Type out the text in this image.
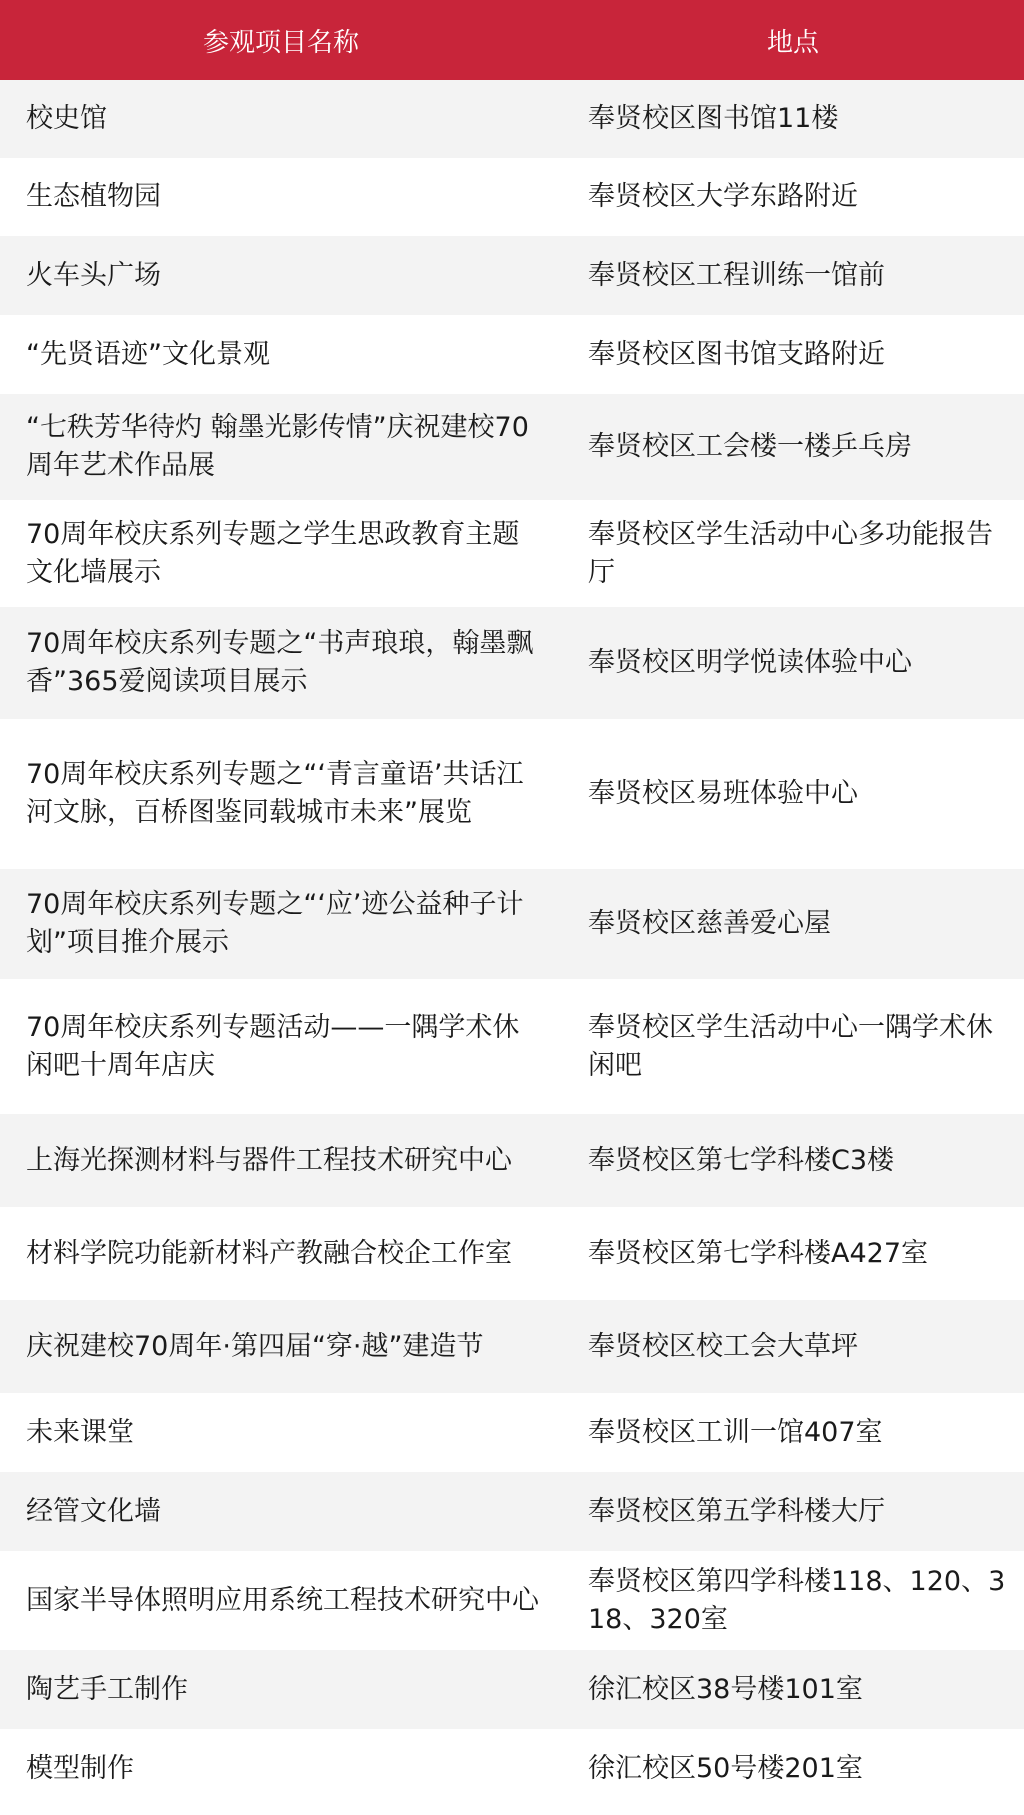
参观项目名称	地点
校史馆	奉贤校区图书馆11楼
生态植物园	奉贤校区大学东路附近
火车头广场	奉贤校区工程训练一馆前
“先贤语迹”文化景观	奉贤校区图书馆支路附近
“七秩芳华待灼 翰墨光影传情”庆祝建校70周年艺术作品展	奉贤校区工会楼一楼乒乓房
70周年校庆系列专题之学生思政教育主题文化墙展示	奉贤校区学生活动中心多功能报告厅
70周年校庆系列专题之“书声琅琅，翰墨飘香”365爱阅读项目展示	奉贤校区明学悦读体验中心
70周年校庆系列专题之“‘青言童语’共话江河文脉，百桥图鉴同载城市未来”展览	奉贤校区易班体验中心
70周年校庆系列专题之“‘应’迹公益种子计划”项目推介展示	奉贤校区慈善爱心屋
70周年校庆系列专题活动——一隅学术休闲吧十周年店庆	奉贤校区学生活动中心一隅学术休闲吧
上海光探测材料与器件工程技术研究中心	奉贤校区第七学科楼C3楼
材料学院功能新材料产教融合校企工作室	奉贤校区第七学科楼A427室
庆祝建校70周年·第四届“穿·越”建造节	奉贤校区校工会大草坪
未来课堂	奉贤校区工训一馆407室
经管文化墙	奉贤校区第五学科楼大厅
国家半导体照明应用系统工程技术研究中心	奉贤校区第四学科楼118、120、318、320室
陶艺手工制作	徐汇校区38号楼101室
模型制作	徐汇校区50号楼201室
